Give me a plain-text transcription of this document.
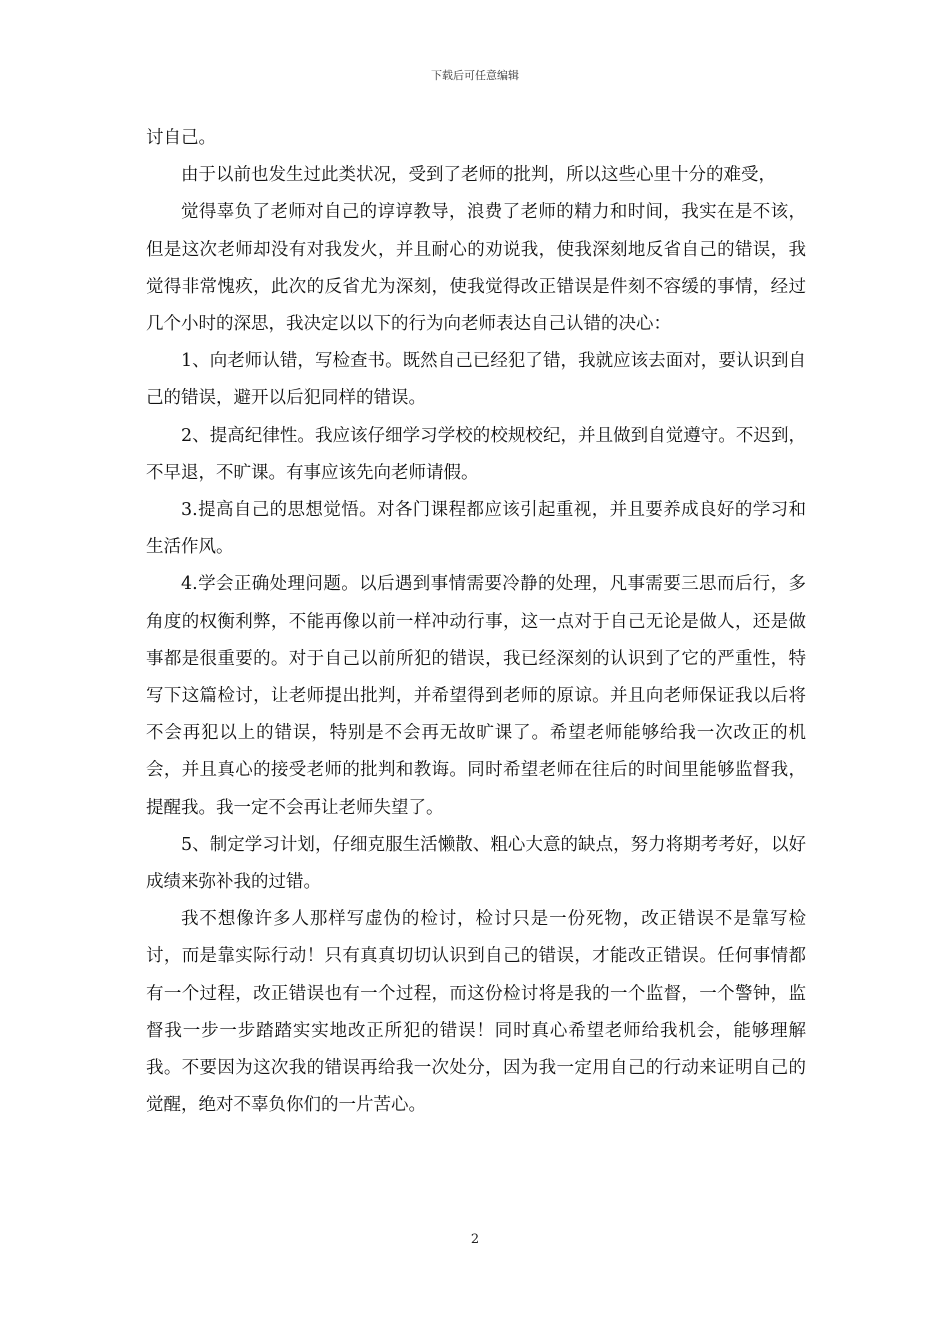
下载后可任意编辑

讨自己。

由于以前也发生过此类状况，受到了老师的批判，所以这些心里十分的难受，

觉得辜负了老师对自己的谆谆教导，浪费了老师的精力和时间，我实在是不该，但是这次老师却没有对我发火，并且耐心的劝说我，使我深刻地反省自己的错误，我觉得非常愧疚，此次的反省尤为深刻，使我觉得改正错误是件刻不容缓的事情，经过几个小时的深思，我决定以以下的行为向老师表达自己认错的决心：

1、向老师认错，写检查书。既然自己已经犯了错，我就应该去面对，要认识到自己的错误，避开以后犯同样的错误。

2、提高纪律性。我应该仔细学习学校的校规校纪，并且做到自觉遵守。不迟到，不早退，不旷课。有事应该先向老师请假。

3.提高自己的思想觉悟。对各门课程都应该引起重视，并且要养成良好的学习和生活作风。

4.学会正确处理问题。以后遇到事情需要冷静的处理，凡事需要三思而后行，多角度的权衡利弊，不能再像以前一样冲动行事，这一点对于自己无论是做人，还是做事都是很重要的。对于自己以前所犯的错误，我已经深刻的认识到了它的严重性，特写下这篇检讨，让老师提出批判，并希望得到老师的原谅。并且向老师保证我以后将不会再犯以上的错误，特别是不会再无故旷课了。希望老师能够给我一次改正的机会，并且真心的接受老师的批判和教诲。同时希望老师在往后的时间里能够监督我，提醒我。我一定不会再让老师失望了。

5、制定学习计划，仔细克服生活懒散、粗心大意的缺点，努力将期考考好，以好成绩来弥补我的过错。

我不想像许多人那样写虚伪的检讨，检讨只是一份死物，改正错误不是靠写检讨，而是靠实际行动！只有真真切切认识到自己的错误，才能改正错误。任何事情都有一个过程，改正错误也有一个过程，而这份检讨将是我的一个监督，一个警钟，监督我一步一步踏踏实实地改正所犯的错误！同时真心希望老师给我机会，能够理解我。不要因为这次我的错误再给我一次处分，因为我一定用自己的行动来证明自己的觉醒，绝对不辜负你们的一片苦心。

2
